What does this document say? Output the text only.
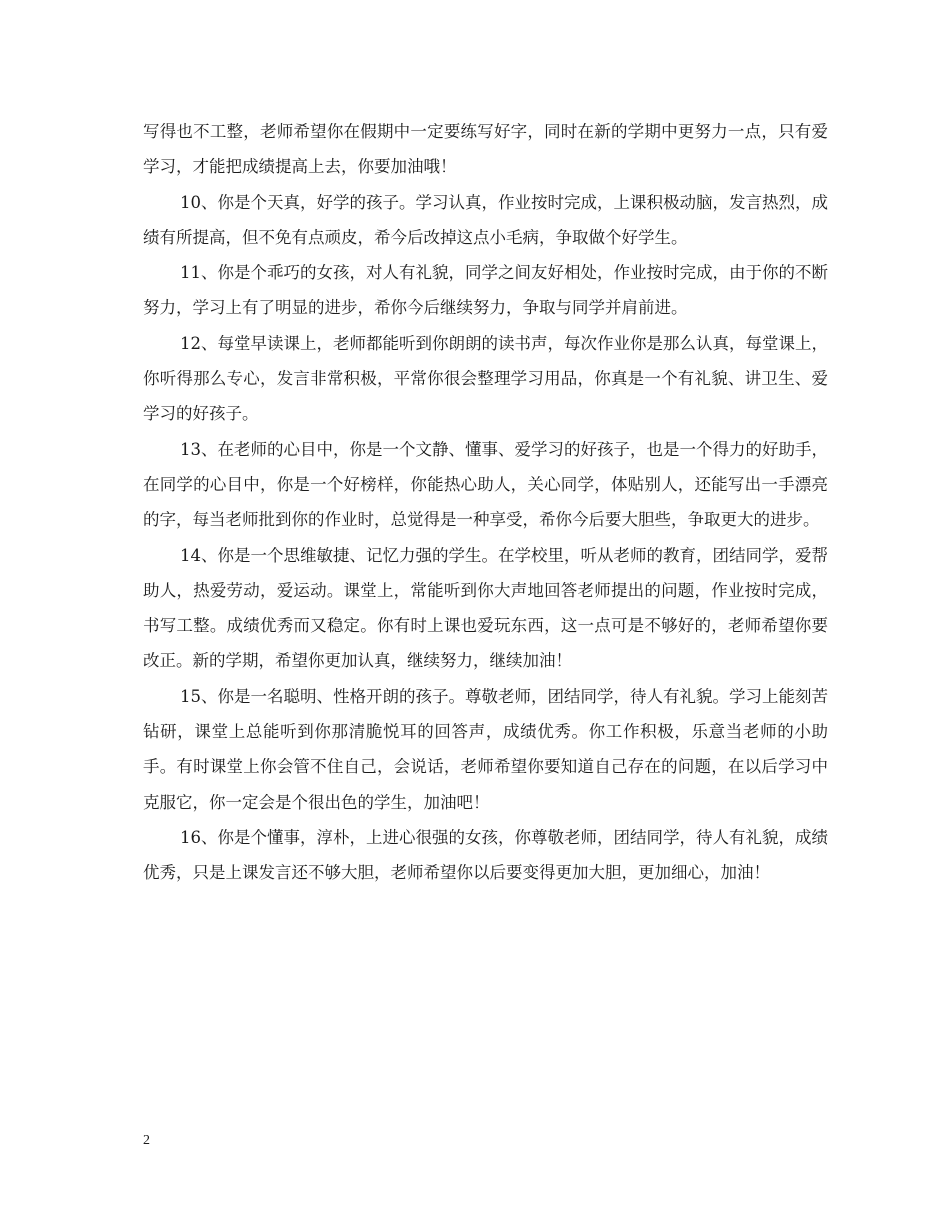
写得也不工整，老师希望你在假期中一定要练写好字，同时在新的学期中更努力一点，只有爱学习，才能把成绩提高上去，你要加油哦！

10、你是个天真，好学的孩子。学习认真，作业按时完成，上课积极动脑，发言热烈，成绩有所提高，但不免有点顽皮，希今后改掉这点小毛病，争取做个好学生。

11、你是个乖巧的女孩，对人有礼貌，同学之间友好相处，作业按时完成，由于你的不断努力，学习上有了明显的进步，希你今后继续努力，争取与同学并肩前进。

12、每堂早读课上，老师都能听到你朗朗的读书声，每次作业你是那么认真，每堂课上，你听得那么专心，发言非常积极，平常你很会整理学习用品，你真是一个有礼貌、讲卫生、爱学习的好孩子。

13、在老师的心目中，你是一个文静、懂事、爱学习的好孩子，也是一个得力的好助手，在同学的心目中，你是一个好榜样，你能热心助人，关心同学，体贴别人，还能写出一手漂亮的字，每当老师批到你的作业时，总觉得是一种享受，希你今后要大胆些，争取更大的进步。

14、你是一个思维敏捷、记忆力强的学生。在学校里，听从老师的教育，团结同学，爱帮助人，热爱劳动，爱运动。课堂上，常能听到你大声地回答老师提出的问题，作业按时完成，书写工整。成绩优秀而又稳定。你有时上课也爱玩东西，这一点可是不够好的，老师希望你要改正。新的学期，希望你更加认真，继续努力，继续加油！

15、你是一名聪明、性格开朗的孩子。尊敬老师，团结同学，待人有礼貌。学习上能刻苦钻研，课堂上总能听到你那清脆悦耳的回答声，成绩优秀。你工作积极，乐意当老师的小助手。有时课堂上你会管不住自己，会说话，老师希望你要知道自己存在的问题，在以后学习中克服它，你一定会是个很出色的学生，加油吧！

16、你是个懂事，淳朴，上进心很强的女孩，你尊敬老师，团结同学，待人有礼貌，成绩优秀，只是上课发言还不够大胆，老师希望你以后要变得更加大胆，更加细心，加油！

2
